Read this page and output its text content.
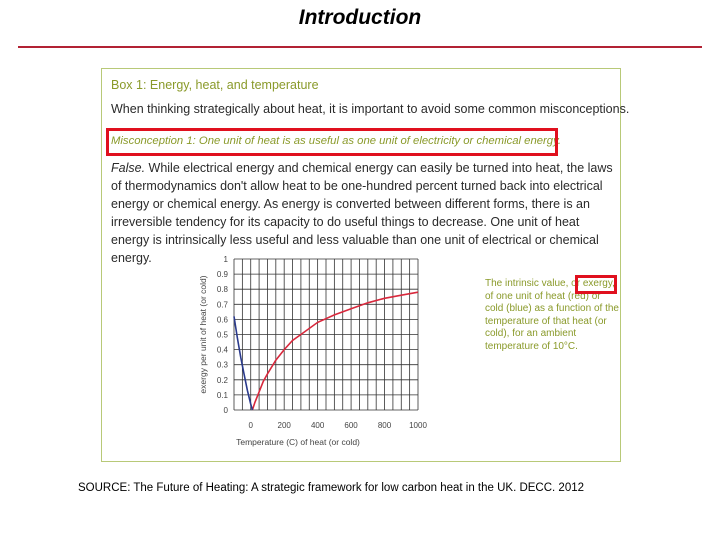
Introduction
Box 1: Energy, heat, and temperature
When thinking strategically about heat, it is important to avoid some common misconceptions.
Misconception 1: One unit of heat is as useful as one unit of electricity or chemical energy.
False. While electrical energy and chemical energy can easily be turned into heat, the laws of thermodynamics don't allow heat to be one-hundred percent turned back into electrical energy or chemical energy. As energy is converted between different forms, there is an irreversible tendency for its capacity to do useful things to decrease. One unit of heat energy is intrinsically less useful and less valuable than one unit of electrical or chemical energy.
0
0.1
0.2
0.3
0.4
0.5
0.6
0.7
0.8
0.9
1
0	200	400	600	800 1000
Temperature (C) of heat (or cold)
exergy per unit of heat (or cold)	The intrinsic value, or exergy, of one unit of heat (red) or cold (blue) as a function of the temperature of that heat (or cold), for an ambient temperature of 10°C.
SOURCE: The Future of Heating: A strategic framework for low carbon heat in the UK. DECC. 2012
